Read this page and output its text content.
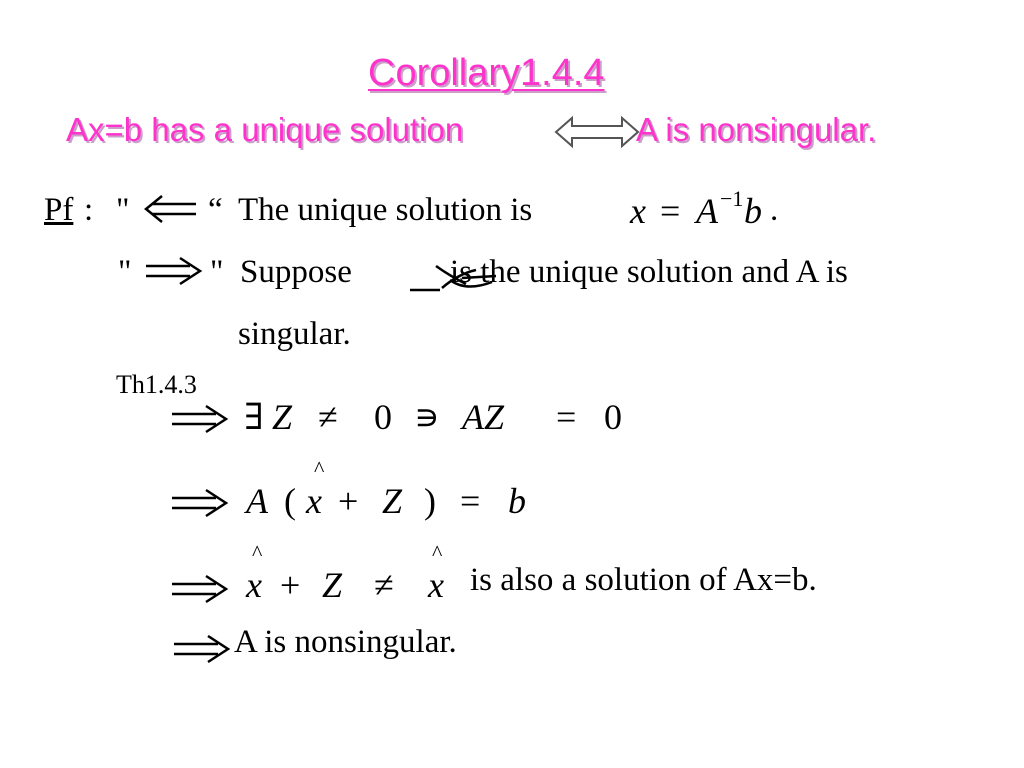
Corollary1.4.4
Ax=b has a unique solution	A is nonsingular.
Pf : " “ The unique solution is	x = A −1 b .
" " Suppose	is the unique solution and A is
singular.
Th1.4.3
∃ Z ≠ 0 ∍ AZ = 0
^
A ( x + Z ) = b
^	^
x + Z ≠ x is also a solution of Ax=b.
A is nonsingular.
